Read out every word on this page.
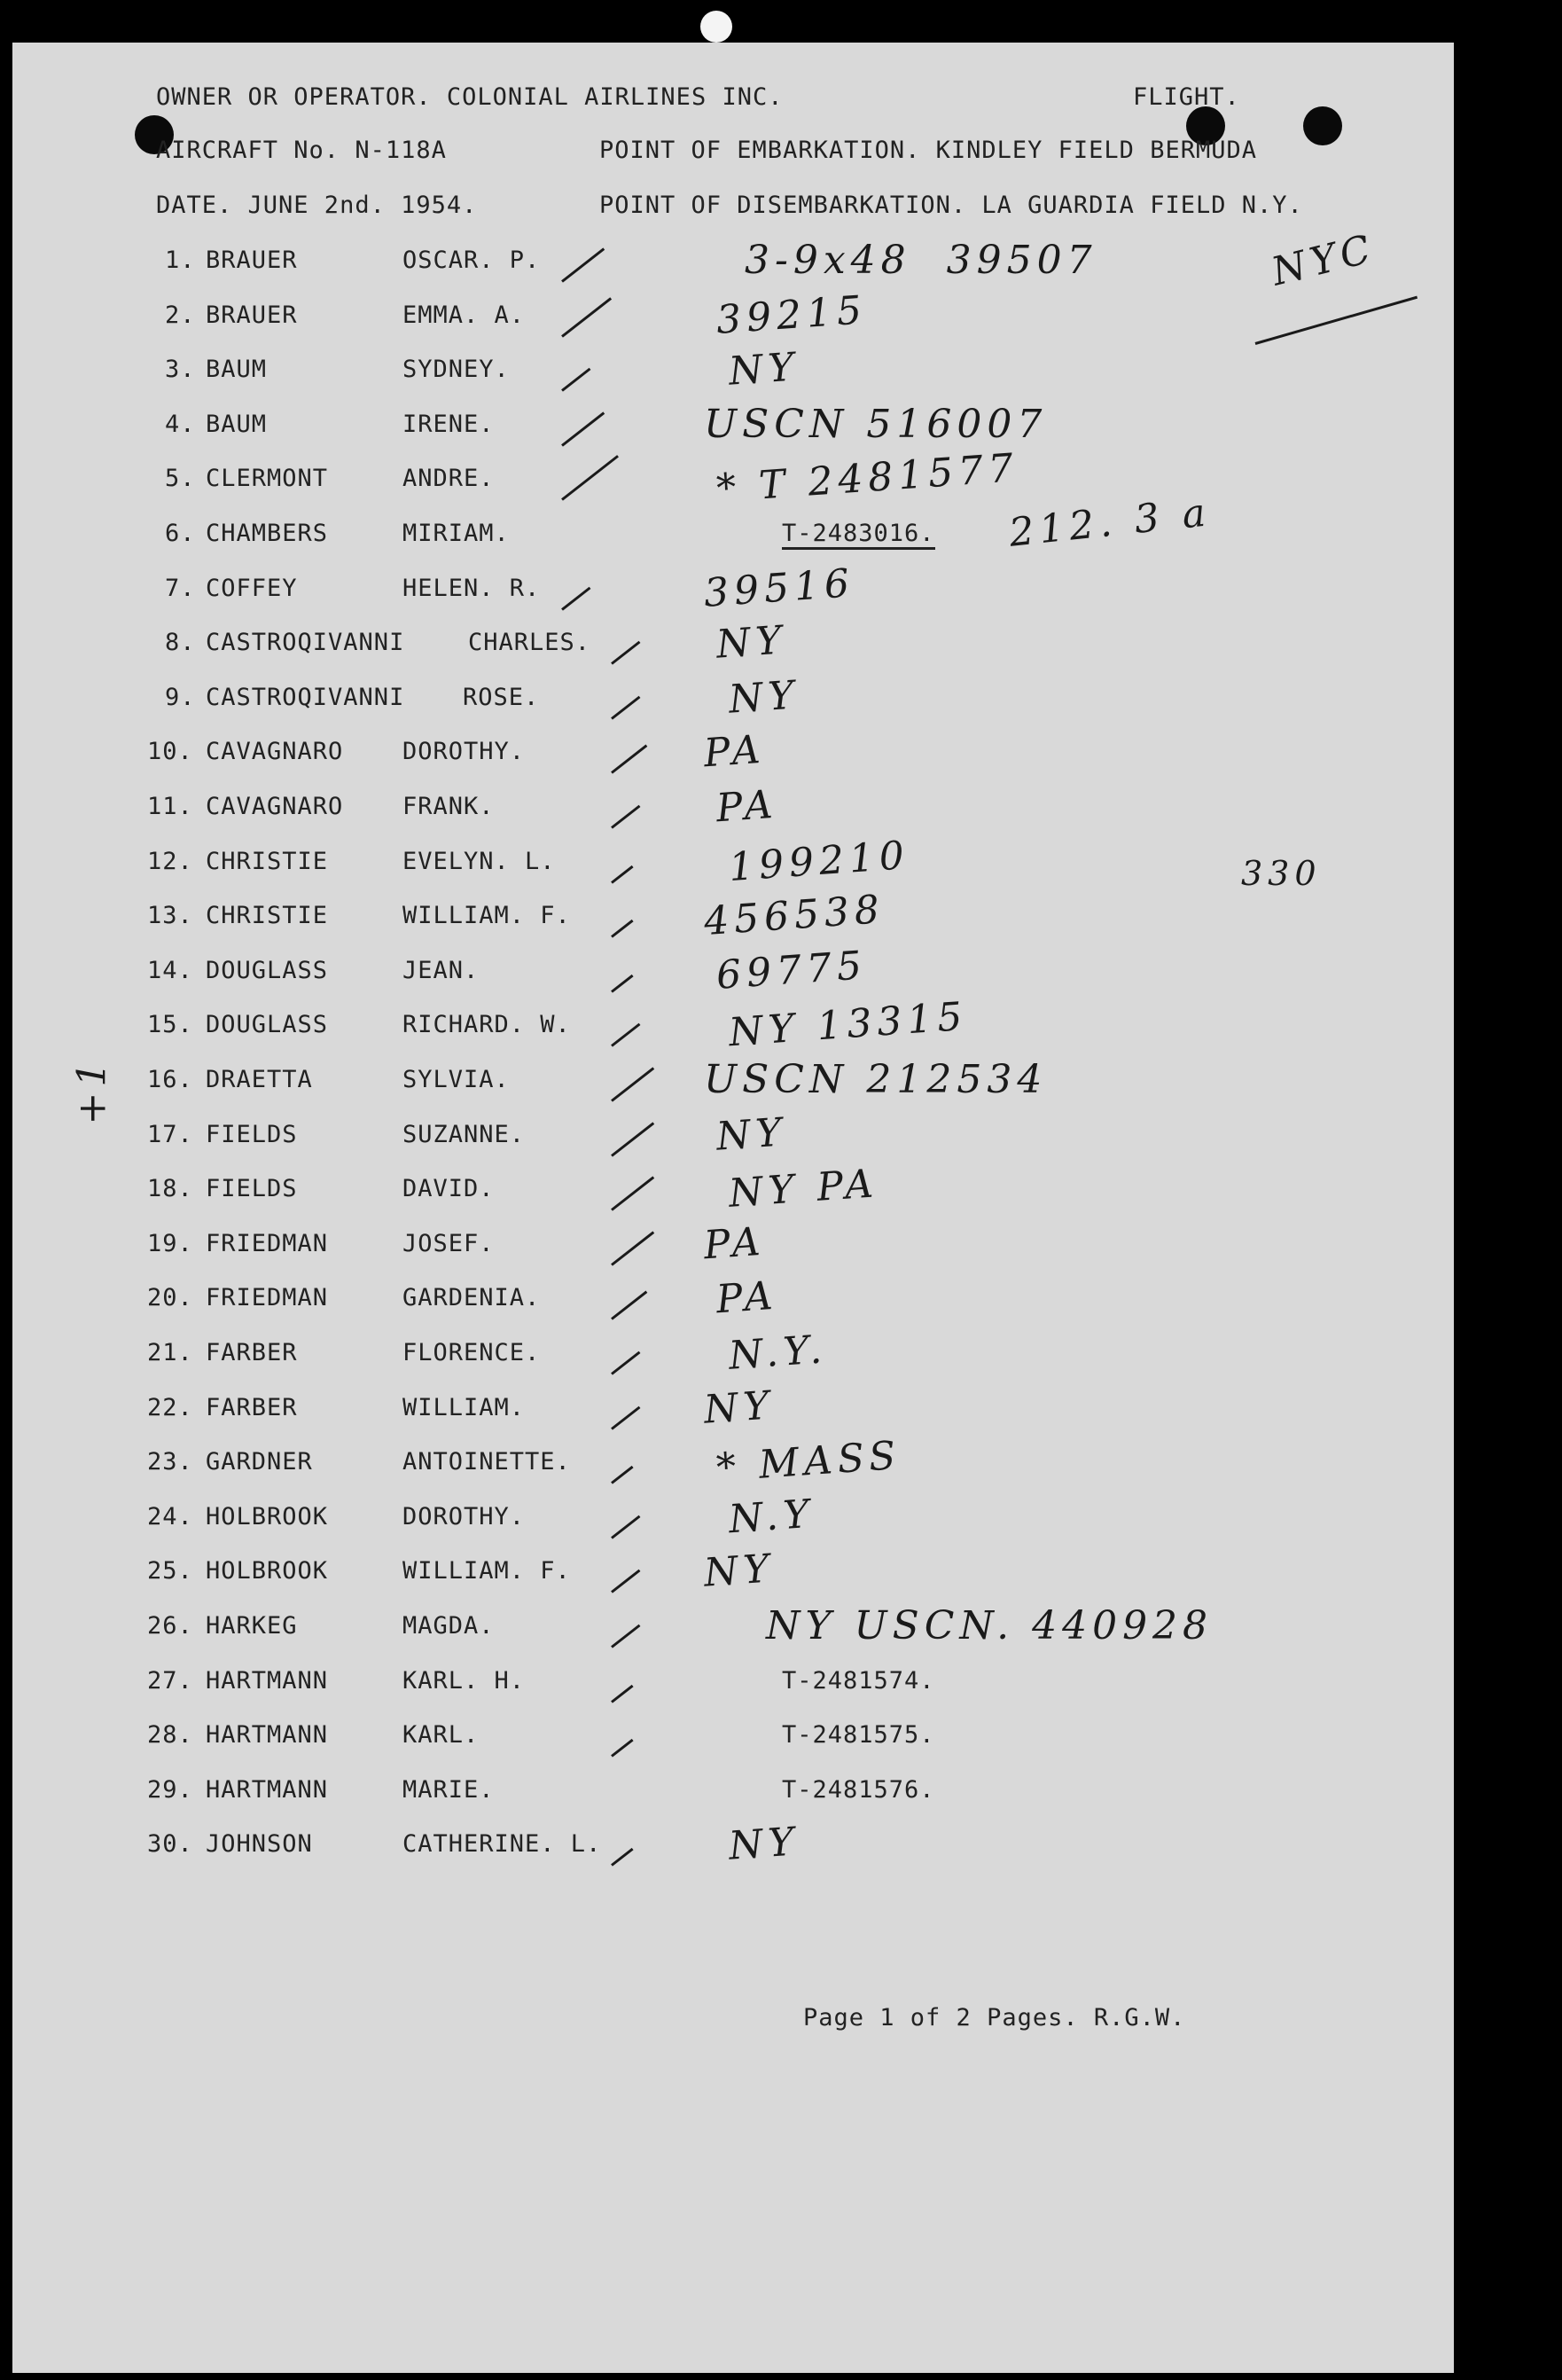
OWNER OR OPERATOR. COLONIAL AIRLINES INC.	FLIGHT.
AIRCRAFT No. N-118A	POINT OF EMBARKATION. KINDLEY FIELD BERMUDA
DATE. JUNE 2nd. 1954.	POINT OF DISEMBARKATION. LA GUARDIA FIELD N.Y.
1. BRAUER	OSCAR. P.	3-9x48  39507
2. BRAUER	EMMA. A.	39215
3. BAUM	SYDNEY.	NY
4. BAUM	IRENE.	USCN 516007
5. CLERMONT	ANDRE.	* T 2481577
6. CHAMBERS	MIRIAM.	T-2483016.
7. COFFEY	HELEN. R.	39516
8. CASTROQIVANNI	CHARLES.	NY
9. CASTROQIVANNI ROSE.	NY
10. CAVAGNARO DOROTHY.	PA
11. CAVAGNARO FRANK.	PA
12. CHRISTIE	EVELYN. L.	199210
13. CHRISTIE	WILLIAM. F.	456538
14. DOUGLASS	JEAN.	69775
15. DOUGLASS	RICHARD. W.	NY 13315
16. DRAETTA	SYLVIA.	USCN 212534
17. FIELDS	SUZANNE.	NY
18. FIELDS	DAVID.	NY PA
19. FRIEDMAN	JOSEF.	PA
20. FRIEDMAN	GARDENIA.	PA
21. FARBER	FLORENCE.	N.Y.
22. FARBER	WILLIAM.	NY
23. GARDNER	ANTOINETTE.	* MASS
24. HOLBROOK	DOROTHY.	N.Y
25. HOLBROOK	WILLIAM. F.	NY
26. HARKEG	MAGDA.	NY USCN. 440928
27. HARTMANN	KARL. H.	T-2481574.
28. HARTMANN	KARL.	T-2481575.
29. HARTMANN	MARIE.	T-2481576.
30. JOHNSON	CATHERINE. L.	NY
NYC
212. 3 a
330
+1
Page 1 of 2 Pages. R.G.W.
